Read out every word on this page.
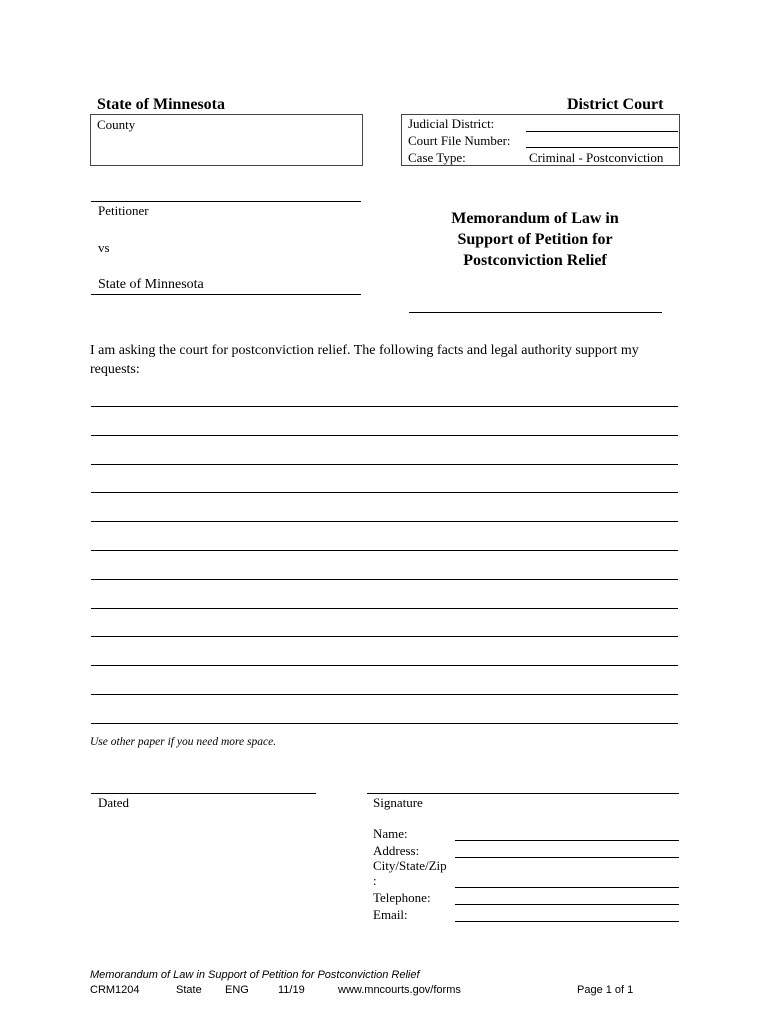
State of Minnesota	District Court
County	Judicial District:
Court File Number:
Case Type:	Criminal - Postconviction
Petitioner
vs
State of Minnesota
Memorandum of Law in
Support of Petition for
Postconviction Relief
I am asking the court for postconviction relief. The following facts and legal authority support my requests:
Use other paper if you need more space.
Dated	Signature
Name:
Address:
City/State/Zip
:
Telephone:
Email:
Memorandum of Law in Support of Petition for Postconviction Relief
CRM1204	State ENG	11/19	www.mncourts.gov/forms	Page 1 of 1
